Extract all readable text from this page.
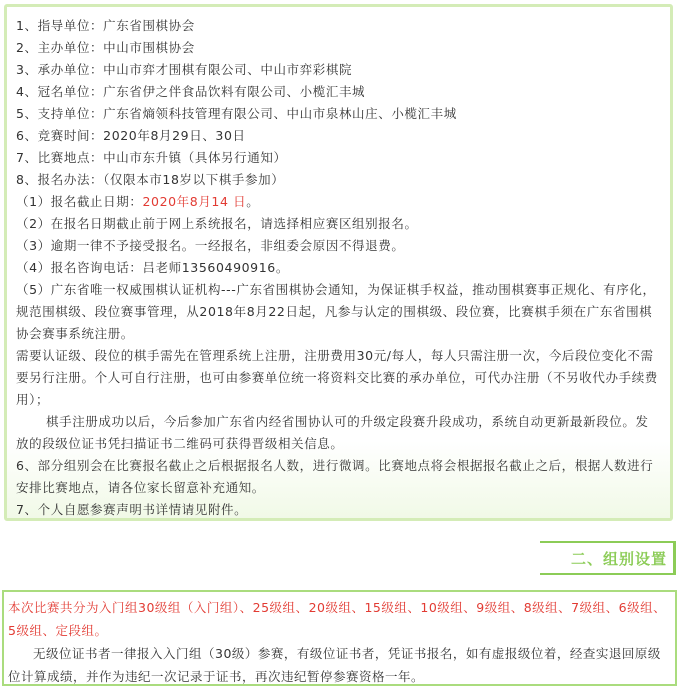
1、指导单位：广东省围棋协会
2、主办单位：中山市围棋协会
3、承办单位：中山市弈才围棋有限公司、中山市弈彩棋院
4、冠名单位：广东省伊之伴食品饮料有限公司、小榄汇丰城
5、支持单位：广东省熵领科技管理有限公司、中山市泉林山庄、小榄汇丰城
6、竞赛时间：2020年8月29日、30日
7、比赛地点：中山市东升镇（具体另行通知）
8、报名办法：（仅限本市18岁以下棋手参加）
（1）报名截止日期：2020年8月14 日。
（2）在报名日期截止前于网上系统报名，请选择相应赛区组别报名。
（3）逾期一律不予接受报名。一经报名，非组委会原因不得退费。
（4）报名咨询电话：吕老师13560490916。
（5）广东省唯一权威围棋认证机构---广东省围棋协会通知，为保证棋手权益，推动围棋赛事正规化、有序化，规范围棋级、段位赛事管理，从2018年8月22日起，凡参与认定的围棋级、段位赛，比赛棋手须在广东省围棋协会赛事系统注册。
需要认证级、段位的棋手需先在管理系统上注册，注册费用30元/每人，每人只需注册一次，今后段位变化不需要另行注册。个人可自行注册，也可由参赛单位统一将资料交比赛的承办单位，可代办注册（不另收代办手续费用）；
棋手注册成功以后，今后参加广东省内经省围协认可的升级定段赛升段成功，系统自动更新最新段位。发放的段级位证书凭扫描证书二维码可获得晋级相关信息。
6、部分组别会在比赛报名截止之后根据报名人数，进行微调。比赛地点将会根据报名截止之后，根据人数进行安排比赛地点，请各位家长留意补充通知。
7、个人自愿参赛声明书详情请见附件。
二、组别设置
本次比赛共分为入门组30级组（入门组）、25级组、20级组、15级组、10级组、9级组、8级组、7级组、6级组、5级组、定段组。
无级位证书者一律报入入门组（30级）参赛，有级位证书者，凭证书报名，如有虚报级位着，经查实退回原级位计算成绩，并作为违纪一次记录于证书，再次违纪暂停参赛资格一年。
